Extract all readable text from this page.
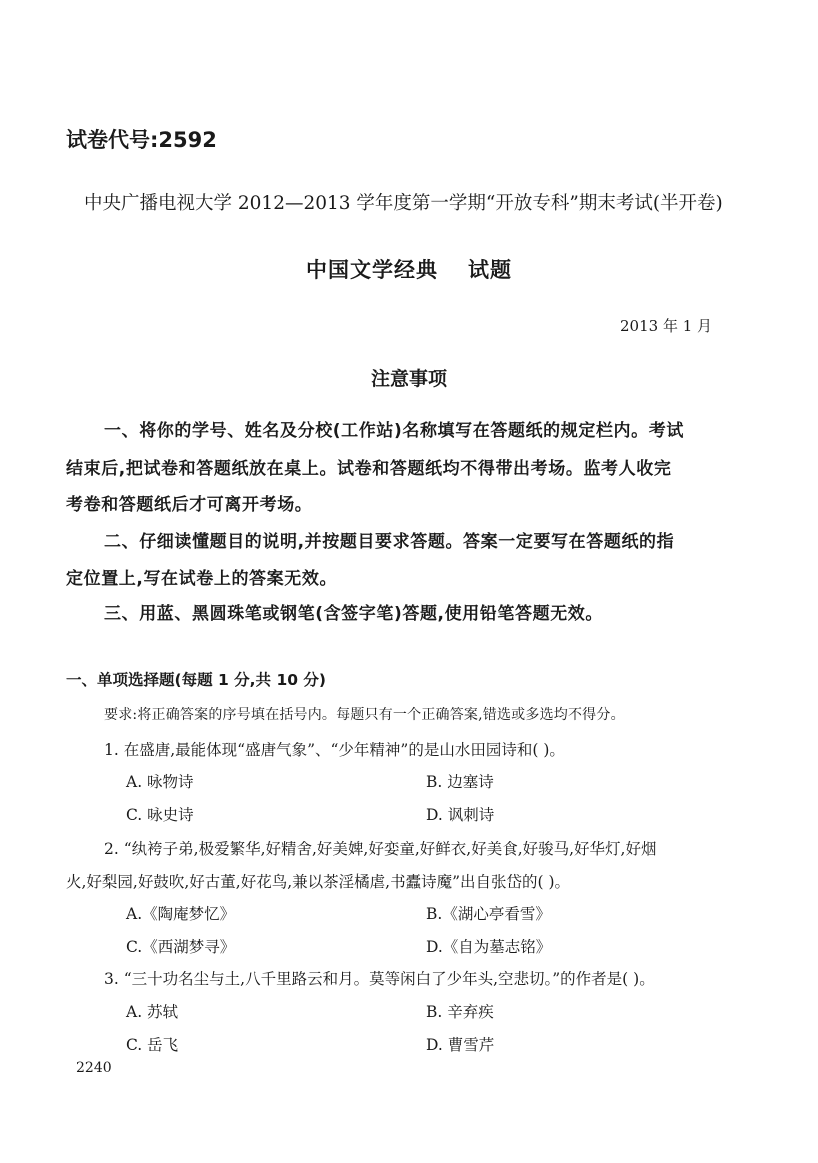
试卷代号:2592
中央广播电视大学 2012—2013 学年度第一学期“开放专科”期末考试(半开卷)
中国文学经典 试题
2013 年 1 月
注意事项
一、将你的学号、姓名及分校(工作站)名称填写在答题纸的规定栏内。考试
结束后,把试卷和答题纸放在桌上。试卷和答题纸均不得带出考场。监考人收完
考卷和答题纸后才可离开考场。
二、仔细读懂题目的说明,并按题目要求答题。答案一定要写在答题纸的指
定位置上,写在试卷上的答案无效。
三、用蓝、黑圆珠笔或钢笔(含签字笔)答题,使用铅笔答题无效。
一、单项选择题(每题 1 分,共 10 分)
要求:将正确答案的序号填在括号内。每题只有一个正确答案,错选或多选均不得分。
1. 在盛唐,最能体现“盛唐气象”、“少年精神”的是山水田园诗和( )。
A. 咏物诗	B. 边塞诗
C. 咏史诗	D. 讽刺诗
2. “纨袴子弟,极爱繁华,好精舍,好美婢,好娈童,好鲜衣,好美食,好骏马,好华灯,好烟
火,好梨园,好鼓吹,好古董,好花鸟,兼以茶淫橘虐,书蠹诗魔”出自张岱的( )。
A.《陶庵梦忆》	B.《湖心亭看雪》
C.《西湖梦寻》	D.《自为墓志铭》
3. “三十功名尘与土,八千里路云和月。莫等闲白了少年头,空悲切。”的作者是( )。
A. 苏轼	B. 辛弃疾
C. 岳飞	D. 曹雪芹
2240
